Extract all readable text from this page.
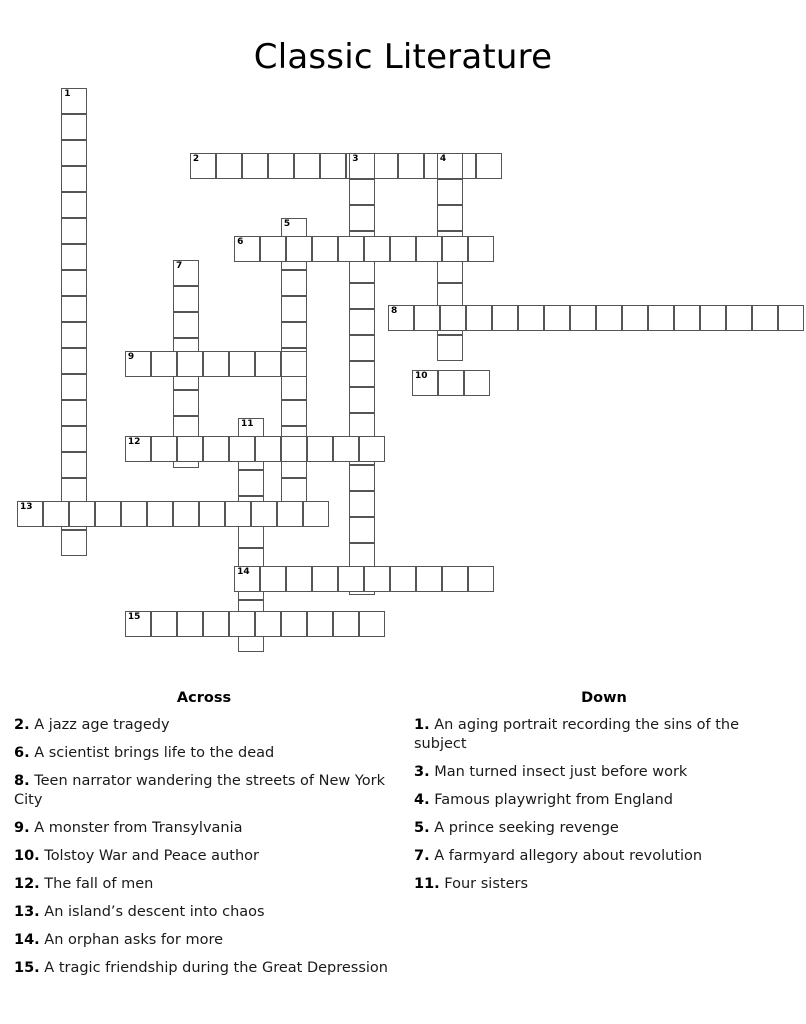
Classic Literature
1
2	3	4
5
6
7
8
9
10
11
12
13
14
15
Across
2. A jazz age tragedy
6. A scientist brings life to the dead
8. Teen narrator wandering the streets of New York City
9. A monster from Transylvania
10. Tolstoy War and Peace author
12. The fall of men
13. An island’s descent into chaos
14. An orphan asks for more
15. A tragic friendship during the Great Depression
Down
1. An aging portrait recording the sins of the subject
3. Man turned insect just before work
4. Famous playwright from England
5. A prince seeking revenge
7. A farmyard allegory about revolution
11. Four sisters
